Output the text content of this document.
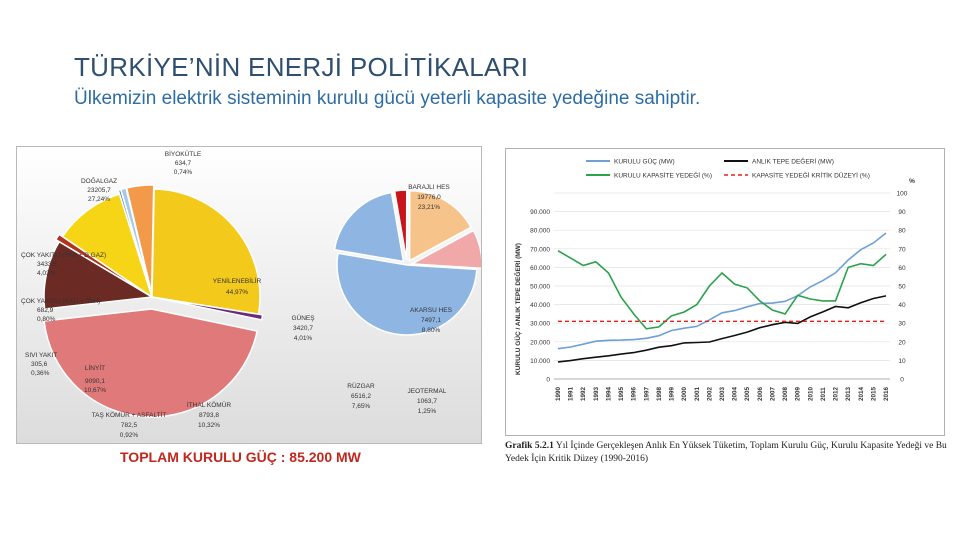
TÜRKİYE’NİN ENERJİ POLİTİKALARI
Ülkemizin elektrik sisteminin kurulu gücü yeterli kapasite yedeğine sahiptir.
BİYOKÜTLE
634,7
0,74%
DOĞALGAZ
23205,7
27,24%
ÇOK YAKITLI (SIVI + D.GAZ)
3433,6
4,03%
ÇOK YAKITLI (KATI + SIVI)
682,9
0,80%
SIVI YAKIT
305,6
0,36%
LİNYİT
9090,1
10,67%
TAŞ KÖMÜR + ASFALTİT
782,5
0,92%
İTHAL KÖMÜR
8793,8
10,32%
YENİLENEBİLİR
44,97%
BARAJLI HES
19776,0
23,21%
AKARSU HES
7497,1
8,80%
GÜNEŞ
3420,7
4,01%
RÜZGAR
6516,2
7,65%
JEOTERMAL
1063,7
1,25%
TOPLAM KURULU GÜÇ : 85.200 MW
KURULU GÜÇ (MW)	ANLIK TEPE DEĞERİ (MW)
KURULU KAPASİTE YEDEĞİ (%)	KAPASİTE YEDEĞİ KRİTİK DÜZEYİ (%)
%
KURULU GÜÇ / ANLIK TEPE DEĞERİ (MW)
0
10
20
30
40
50
60
70
80
90
100
0
10.000
20.000
30.000
40.000
50.000
60.000
70.000
80.000
90.000
1990 1991 1992 1993 1994 1995 1996 1997 1998 1999 2000 2001 2002 2003 2004 2005 2006 2007 2008 2009 2010 2011 2012 2013 2014 2015 2016
Grafik 5.2.1 Yıl İçinde Gerçekleşen Anlık En Yüksek Tüketim, Toplam Kurulu Güç, Kurulu Kapasite Yedeği ve Bu Yedek İçin Kritik Düzey (1990-2016)
